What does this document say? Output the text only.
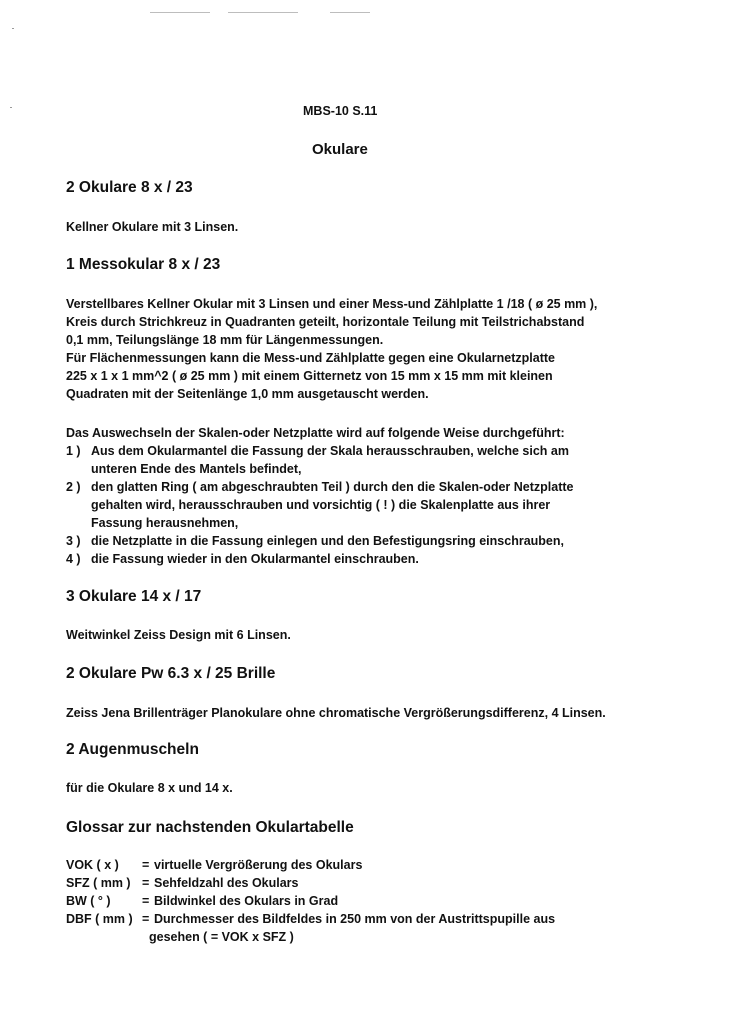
MBS-10 S.11
Okulare
2 Okulare 8 x / 23
Kellner Okulare mit 3 Linsen.
1 Messokular 8 x / 23
Verstellbares Kellner Okular mit 3 Linsen und einer Mess-und Zählplatte 1 /18 ( ø 25 mm ),
Kreis durch Strichkreuz in Quadranten geteilt, horizontale Teilung mit Teilstrichabstand
0,1 mm, Teilungslänge 18 mm für Längenmessungen.
Für Flächenmessungen kann die Mess-und Zählplatte gegen eine Okularnetzplatte
225 x 1 x 1 mm^2 ( ø 25 mm ) mit einem Gitternetz von 15 mm x 15 mm mit kleinen
Quadraten mit der Seitenlänge 1,0 mm ausgetauscht werden.
Das Auswechseln der Skalen-oder Netzplatte wird auf folgende Weise durchgeführt:
1 ) Aus dem Okularmantel die Fassung der Skala herausschrauben, welche sich am
unteren Ende des Mantels befindet,
2 ) den glatten Ring ( am abgeschraubten Teil ) durch den die Skalen-oder Netzplatte
gehalten wird, herausschrauben und vorsichtig ( ! ) die Skalenplatte aus ihrer
Fassung herausnehmen,
3 ) die Netzplatte in die Fassung einlegen und den Befestigungsring einschrauben,
4 ) die Fassung wieder in den Okularmantel einschrauben.
3 Okulare 14 x / 17
Weitwinkel Zeiss Design mit 6 Linsen.
2 Okulare Pw 6.3 x / 25 Brille
Zeiss Jena Brillenträger Planokulare ohne chromatische Vergrößerungsdifferenz, 4 Linsen.
2 Augenmuscheln
für die Okulare 8 x und 14 x.
Glossar zur nachstenden Okulartabelle
VOK ( x ) = virtuelle Vergrößerung des Okulars
SFZ ( mm ) = Sehfeldzahl des Okulars
BW ( ° )	= Bildwinkel des Okulars in Grad
DBF ( mm ) = Durchmesser des Bildfeldes in 250 mm von der Austrittspupille aus
gesehen ( = VOK x SFZ )
